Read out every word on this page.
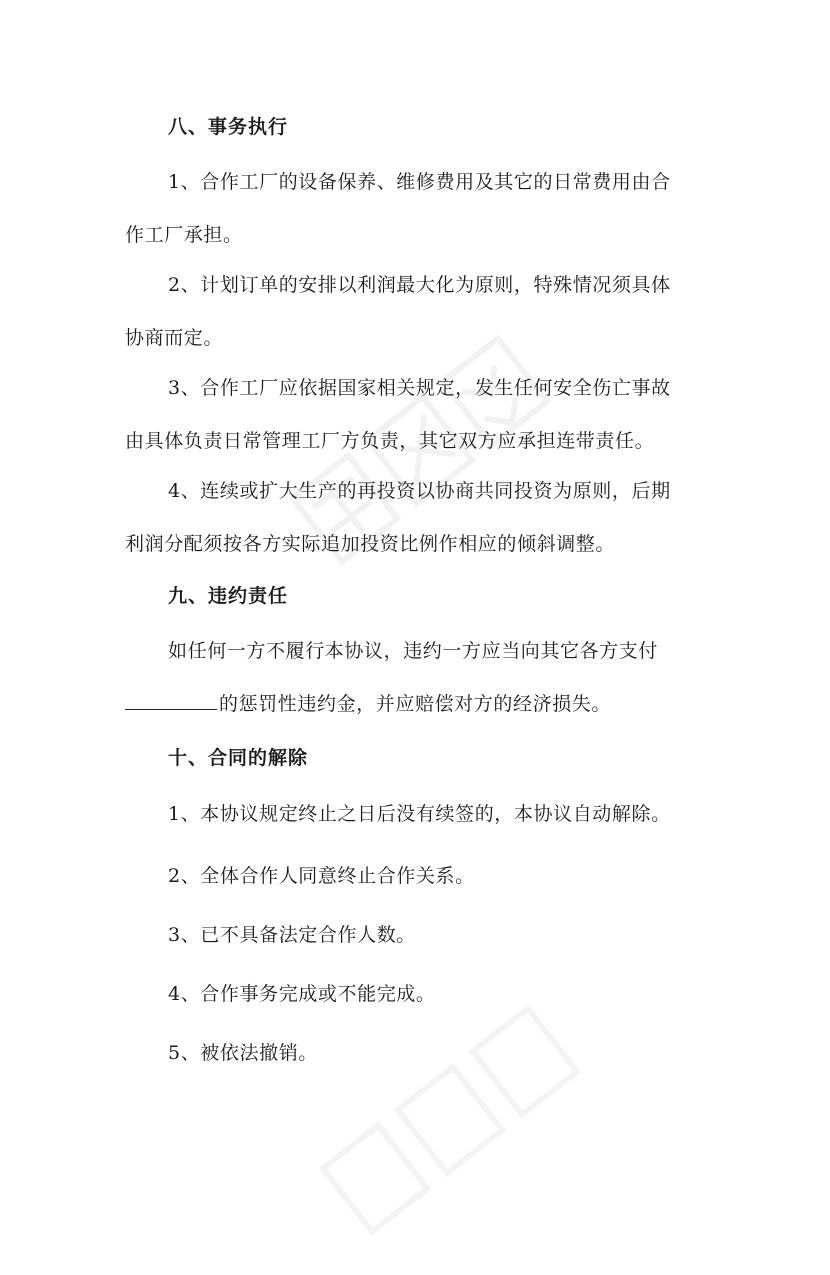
八、事务执行
1、合作工厂的设备保养、维修费用及其它的日常费用由合
作工厂承担。
2、计划订单的安排以利润最大化为原则，特殊情况须具体
协商而定。
3、合作工厂应依据国家相关规定，发生任何安全伤亡事故
由具体负责日常管理工厂方负责，其它双方应承担连带责任。
4、连续或扩大生产的再投资以协商共同投资为原则，后期
利润分配须按各方实际追加投资比例作相应的倾斜调整。
九、违约责任
如任何一方不履行本协议，违约一方应当向其它各方支付
的惩罚性违约金，并应赔偿对方的经济损失。
十、合同的解除
1、本协议规定终止之日后没有续签的，本协议自动解除。
2、全体合作人同意终止合作关系。
3、已不具备法定合作人数。
4、合作事务完成或不能完成。
5、被依法撤销。
